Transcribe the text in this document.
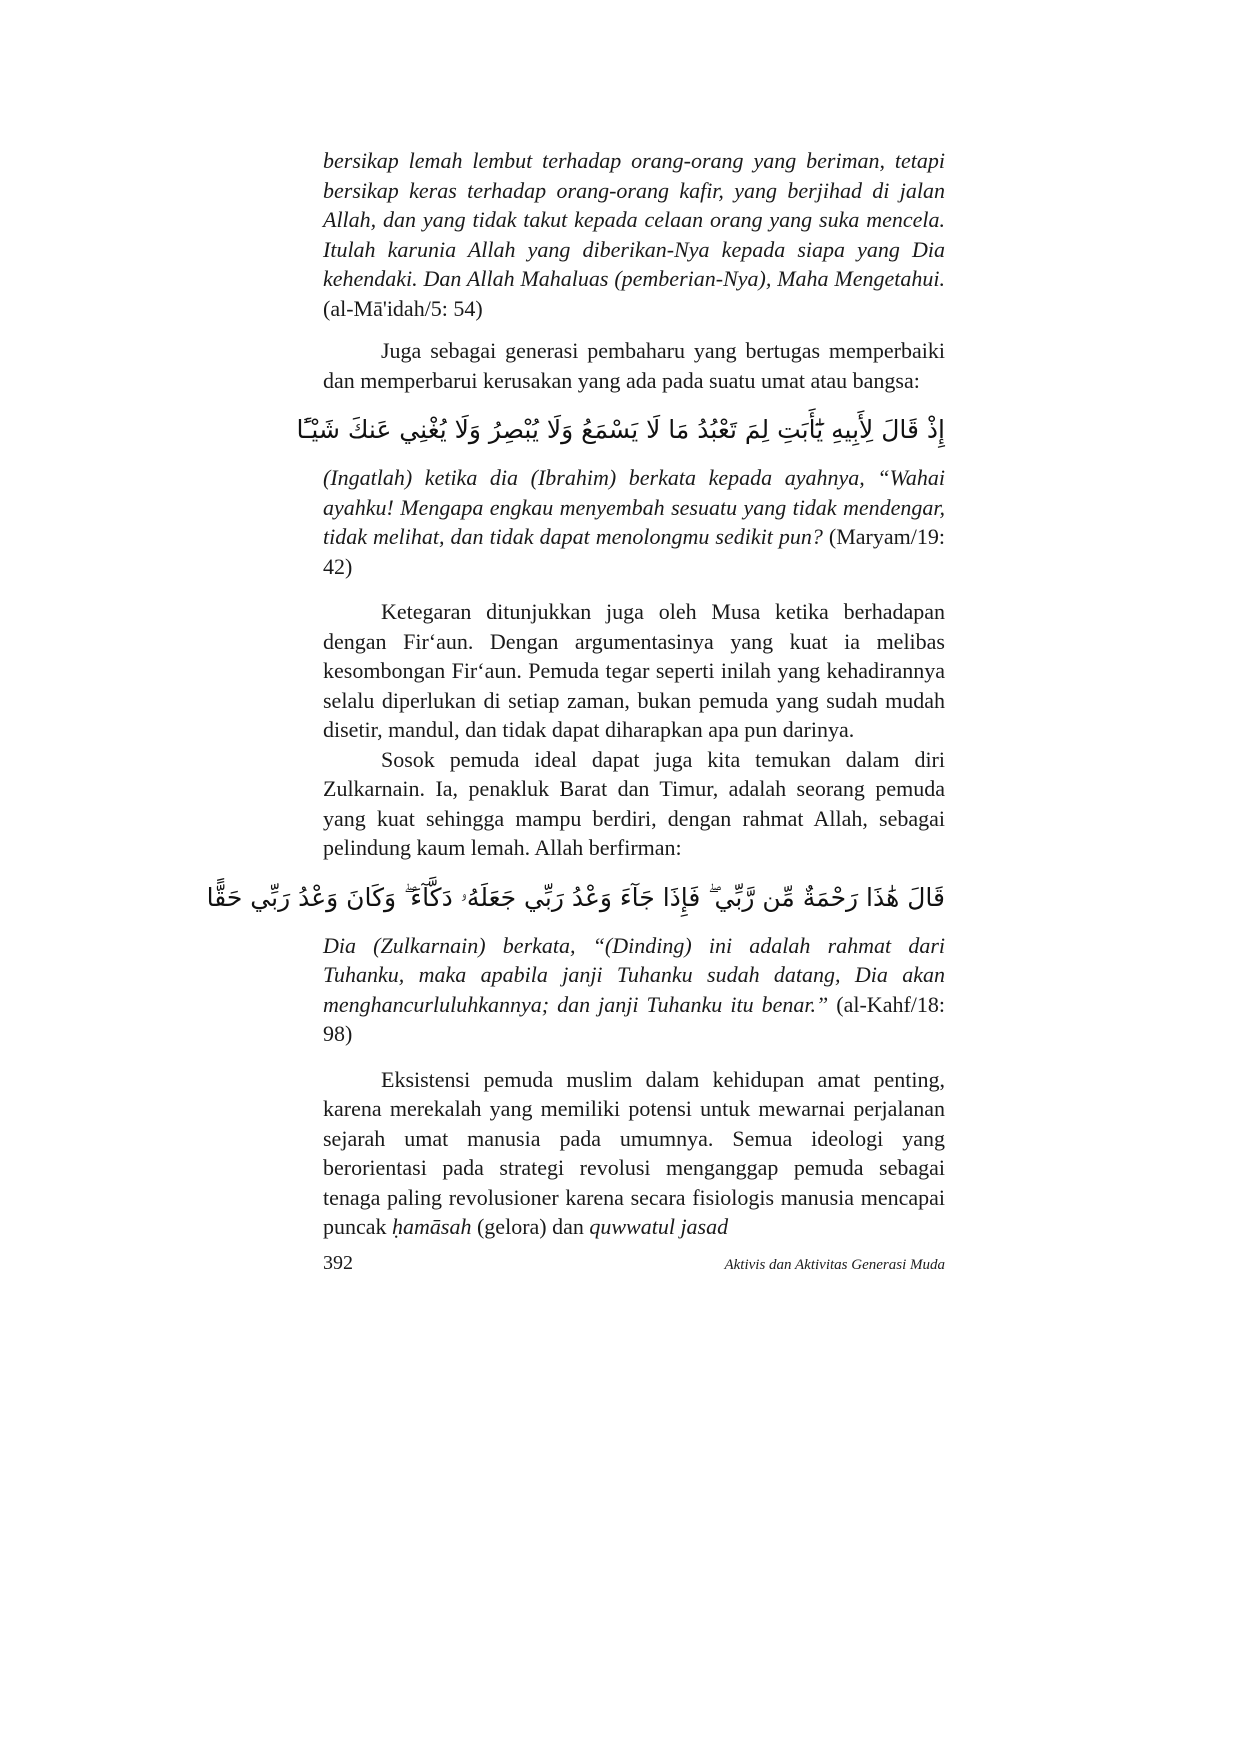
bersikap lemah lembut terhadap orang-orang yang beriman, tetapi bersikap keras terhadap orang-orang kafir, yang berjihad di jalan Allah, dan yang tidak takut kepada celaan orang yang suka mencela. Itulah karunia Allah yang diberikan-Nya kepada siapa yang Dia kehendaki. Dan Allah Mahaluas (pemberian-Nya), Maha Mengetahui. (al-Mā'idah/5: 54)

Juga sebagai generasi pembaharu yang bertugas memperbaiki dan memperbarui kerusakan yang ada pada suatu umat atau bangsa:

إِذْ قَالَ لِأَبِيهِ يَٰٓأَبَتِ لِمَ تَعْبُدُ مَا لَا يَسْمَعُ وَلَا يُبْصِرُ وَلَا يُغْنِي عَنكَ شَيْـًٔا

(Ingatlah) ketika dia (Ibrahim) berkata kepada ayahnya, “Wahai ayahku! Mengapa engkau menyembah sesuatu yang tidak mendengar, tidak melihat, dan tidak dapat menolongmu sedikit pun? (Maryam/19: 42)

Ketegaran ditunjukkan juga oleh Musa ketika berhadapan dengan Fir‘aun. Dengan argumentasinya yang kuat ia melibas kesombongan Fir‘aun. Pemuda tegar seperti inilah yang kehadirannya selalu diperlukan di setiap zaman, bukan pemuda yang sudah mudah disetir, mandul, dan tidak dapat diharapkan apa pun darinya.

Sosok pemuda ideal dapat juga kita temukan dalam diri Zulkarnain. Ia, penakluk Barat dan Timur, adalah seorang pemuda yang kuat sehingga mampu berdiri, dengan rahmat Allah, sebagai pelindung kaum lemah. Allah berfirman:

قَالَ هَٰذَا رَحْمَةٌ مِّن رَّبِّي ۖ فَإِذَا جَآءَ وَعْدُ رَبِّي جَعَلَهُۥ دَكَّآءَ ۖ وَكَانَ وَعْدُ رَبِّي حَقًّا

Dia (Zulkarnain) berkata, “(Dinding) ini adalah rahmat dari Tuhanku, maka apabila janji Tuhanku sudah datang, Dia akan menghancurluluhkannya; dan janji Tuhanku itu benar.” (al-Kahf/18: 98)

Eksistensi pemuda muslim dalam kehidupan amat penting, karena merekalah yang memiliki potensi untuk mewarnai perjalanan sejarah umat manusia pada umumnya. Semua ideologi yang berorientasi pada strategi revolusi menganggap pemuda sebagai tenaga paling revolusioner karena secara fisiologis manusia mencapai puncak ḥamāsah (gelora) dan quwwatul jasad

392	Aktivis dan Aktivitas Generasi Muda
